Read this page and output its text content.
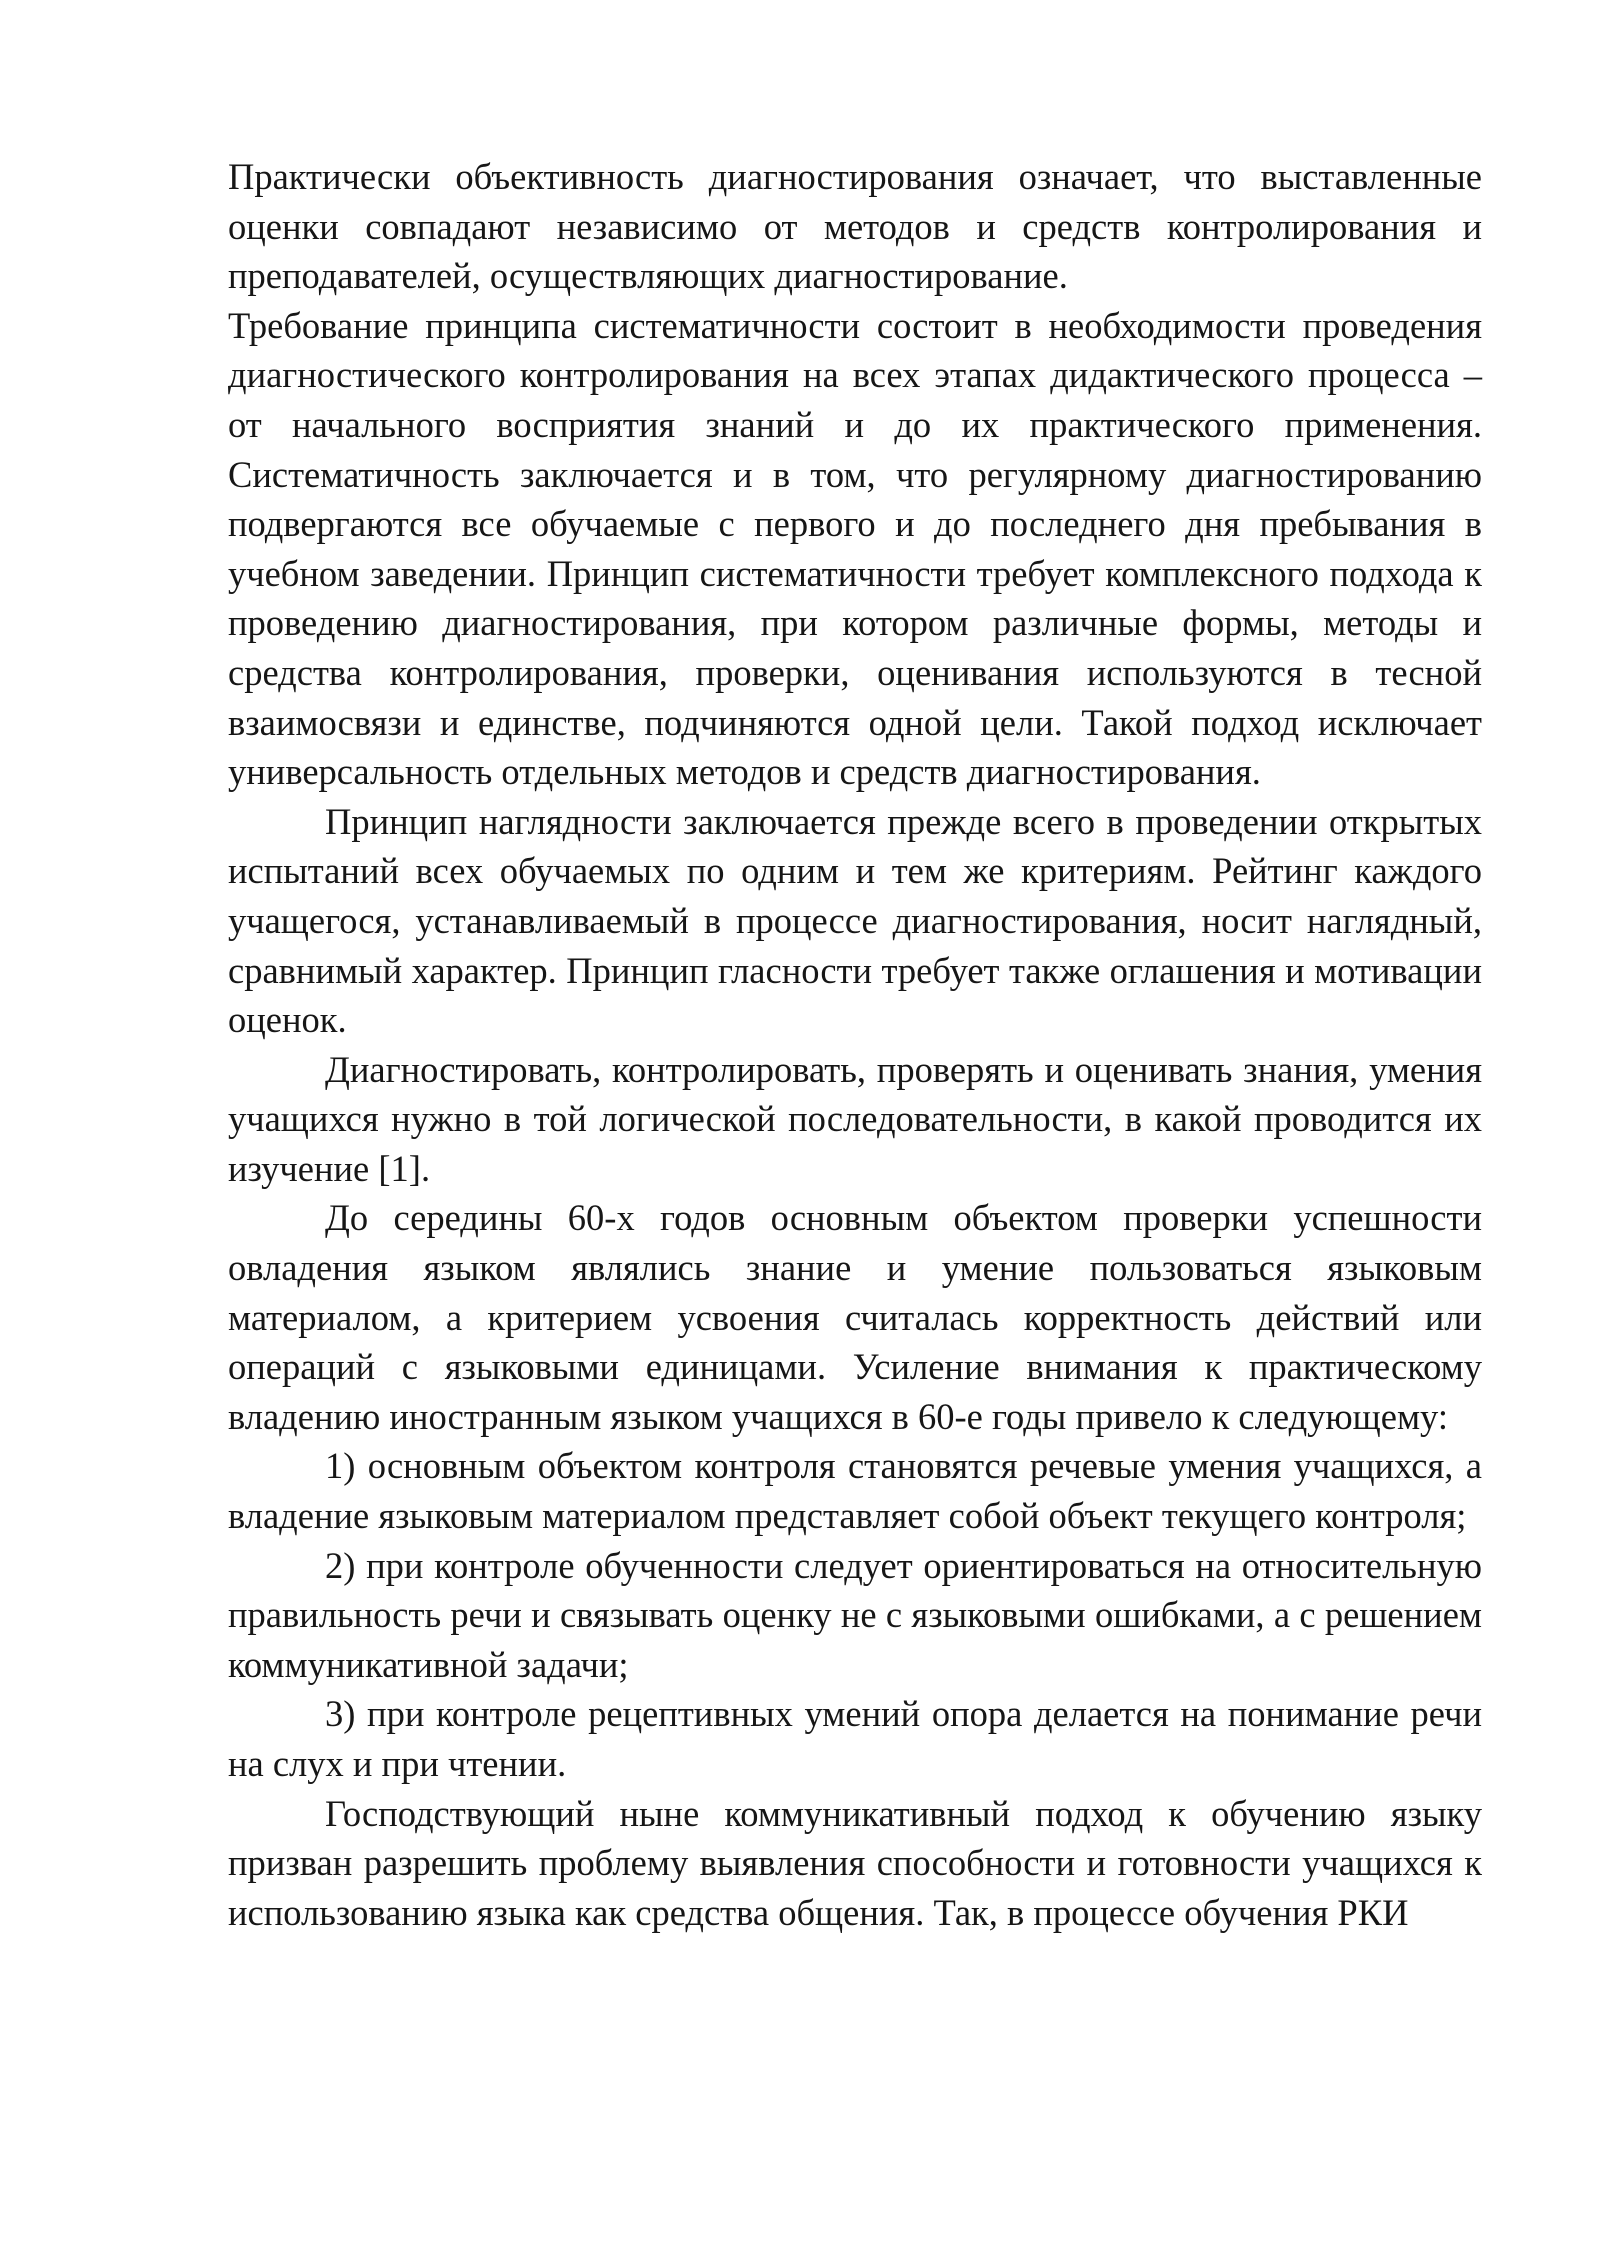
Практически объективность диагностирования означает, что выставленные оценки совпадают независимо от методов и средств контролирования и преподавателей, осуществляющих диагностирование.

Требование принципа систематичности состоит в необходимости проведения диагностического контролирования на всех этапах дидактического процесса – от начального восприятия знаний и до их практического применения. Систематичность заключается и в том, что регулярному диагностированию подвергаются все обучаемые с первого и до последнего дня пребывания в учебном заведении. Принцип систематичности требует комплексного подхода к проведению диагностирования, при котором различные формы, методы и средства контролирования, проверки, оценивания используются в тесной взаимосвязи и единстве, подчиняются одной цели. Такой подход исключает универсальность отдельных методов и средств диагностирования.

Принцип наглядности заключается прежде всего в проведении открытых испытаний всех обучаемых по одним и тем же критериям. Рейтинг каждого учащегося, устанавливаемый в процессе диагностирования, носит наглядный, сравнимый характер. Принцип гласности требует также оглашения и мотивации оценок.

Диагностировать, контролировать, проверять и оценивать знания, умения учащихся нужно в той логической последовательности, в какой проводится их изучение [1].

До середины 60-х годов основным объектом проверки успешности овладения языком являлись знание и умение пользоваться языковым материалом, а критерием усвоения считалась корректность действий или операций с языковыми единицами. Усиление внимания к практическому владению иностранным языком учащихся в 60-е годы привело к следующему:

1) основным объектом контроля становятся речевые умения учащихся, а владение языковым материалом представляет собой объект текущего контроля;

2) при контроле обученности следует ориентироваться на относительную правильность речи и связывать оценку не с языковыми ошибками, а с решением коммуникативной задачи;

3) при контроле рецептивных умений опора делается на понимание речи на слух и при чтении.

Господствующий ныне коммуникативный подход к обучению языку призван разрешить проблему выявления способности и готовности учащихся к использованию языка как средства общения. Так, в процессе обучения РКИ
